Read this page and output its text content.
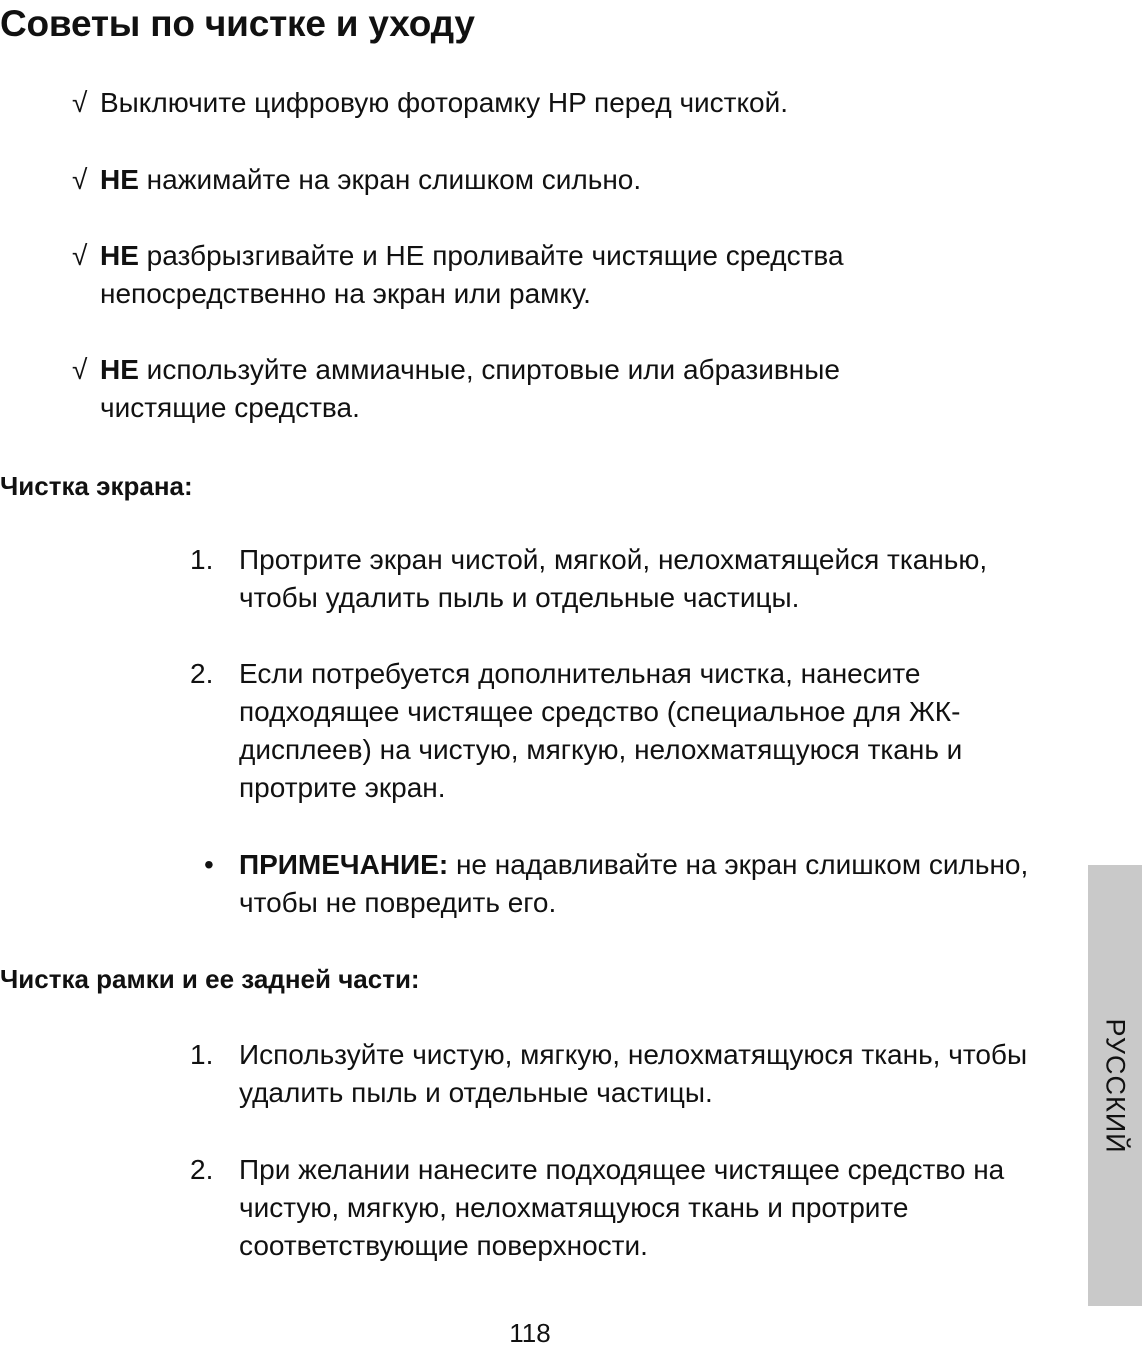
Советы по чистке и уходу
√ Выключите цифровую фоторамку HP перед чисткой.
√ НЕ нажимайте на экран слишком сильно.
√ НЕ разбрызгивайте и НЕ проливайте чистящие средства непосредственно на экран или рамку.
√ НЕ используйте аммиачные, спиртовые или абразивные чистящие средства.
Чистка экрана:
1. Протрите экран чистой, мягкой, нелохматящейся тканью, чтобы удалить пыль и отдельные частицы.
2. Если потребуется дополнительная чистка, нанесите подходящее чистящее средство (специальное для ЖК-дисплеев) на чистую, мягкую, нелохматящуюся ткань и протрите экран.
• ПРИМЕЧАНИЕ: не надавливайте на экран слишком сильно, чтобы не повредить его.
Чистка рамки и ее задней части:
1. Используйте чистую, мягкую, нелохматящуюся ткань, чтобы удалить пыль и отдельные частицы.
2. При желании нанесите подходящее чистящее средство на чистую, мягкую, нелохматящуюся ткань и протрите соответствующие поверхности.
РУССКИЙ
118
